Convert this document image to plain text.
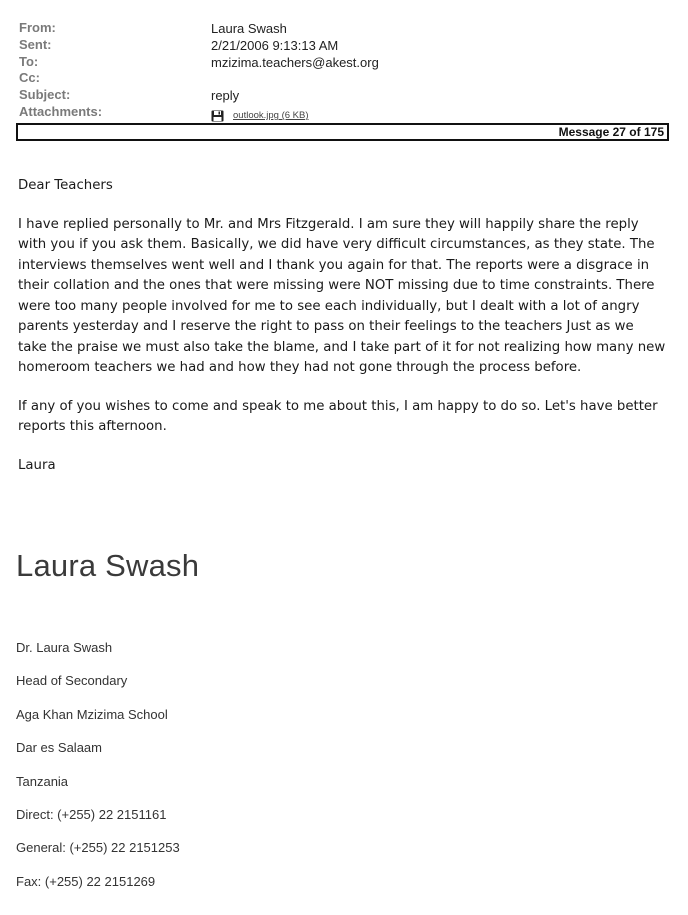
From:	Laura Swash
Sent:	2/21/2006 9:13:13 AM
To:	mzizima.teachers@akest.org
Cc:
Subject:	reply
Attachments:	outlook.jpg (6 KB)
Message 27 of 175

Dear Teachers

I have replied personally to Mr. and Mrs Fitzgerald. I am sure they will happily share the reply with you if you ask them. Basically, we did have very difficult circumstances, as they state. The interviews themselves went well and I thank you again for that. The reports were a disgrace in their collation and the ones that were missing were NOT missing due to time constraints. There were too many people involved for me to see each individually, but I dealt with a lot of angry parents yesterday and I reserve the right to pass on their feelings to the teachers Just as we take the praise we must also take the blame, and I take part of it for not realizing how many new homeroom teachers we had and how they had not gone through the process before.

If any of you wishes to come and speak to me about this, I am happy to do so. Let's have better reports this afternoon.

Laura

Laura Swash
Dr. Laura Swash
Head of Secondary
Aga Khan Mzizima School
Dar es Salaam
Tanzania
Direct: (+255) 22 2151161
General: (+255) 22 2151253
Fax: (+255) 22 2151269
